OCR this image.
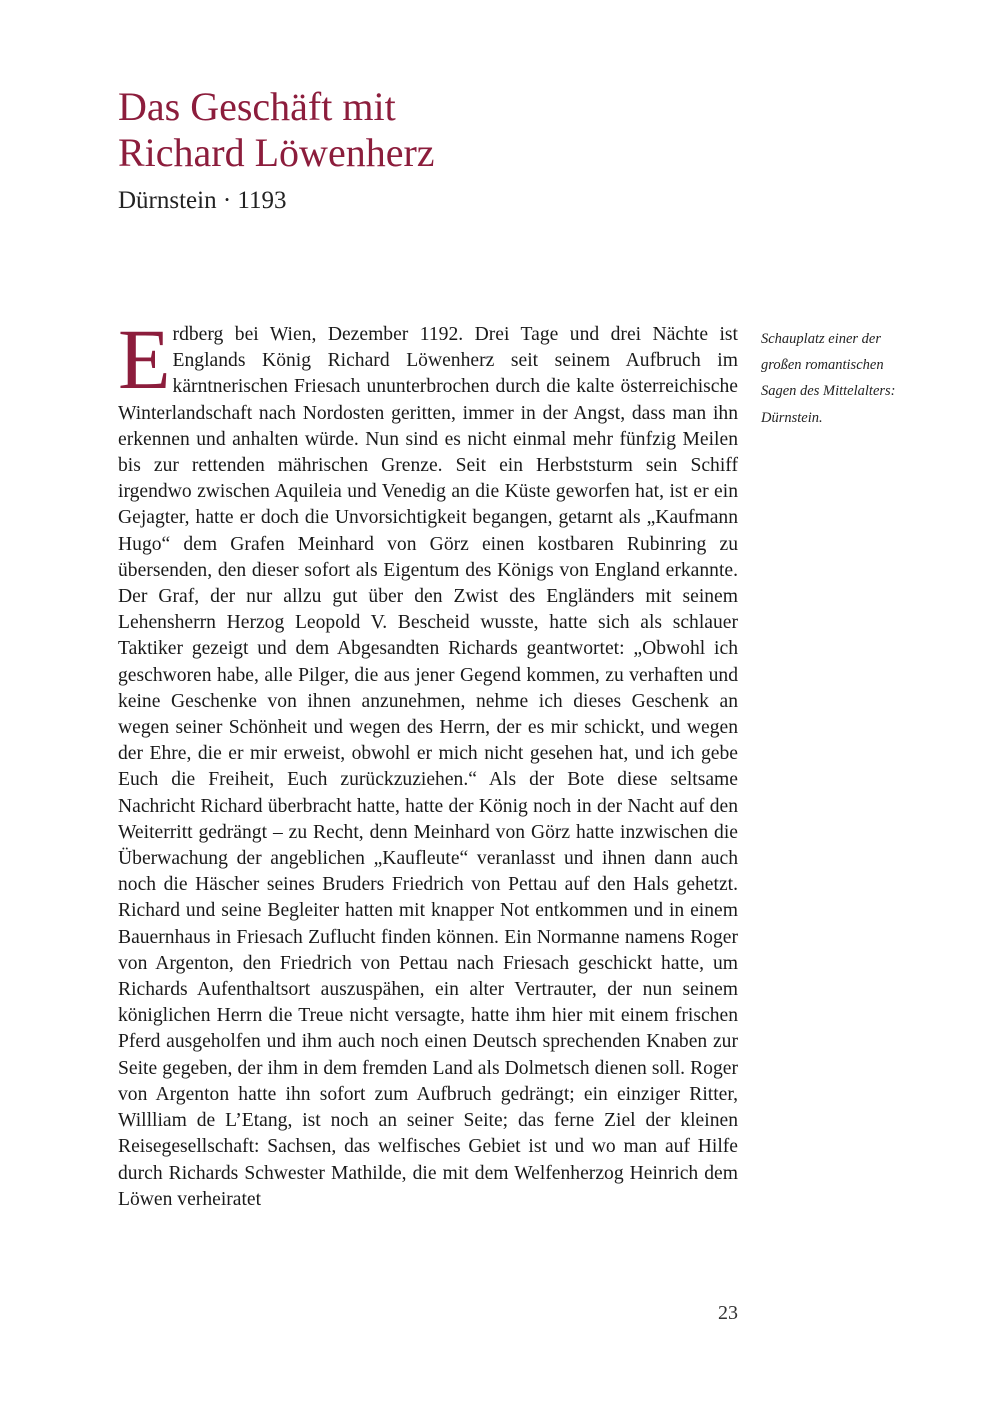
Das Geschäft mit
Richard Löwenherz
Dürnstein · 1193

Erdberg bei Wien, Dezember 1192. Drei Tage und drei Nächte ist Englands König Richard Löwenherz seit seinem Aufbruch im kärntnerischen Friesach ununterbrochen durch die kalte österreichische Winterlandschaft nach Nordosten geritten, immer in der Angst, dass man ihn erkennen und anhalten würde. Nun sind es nicht einmal mehr fünfzig Meilen bis zur rettenden mährischen Grenze. Seit ein Herbststurm sein Schiff irgendwo zwischen Aquileia und Venedig an die Küste geworfen hat, ist er ein Gejagter, hatte er doch die Unvorsichtigkeit begangen, getarnt als „Kaufmann Hugo“ dem Grafen Meinhard von Görz einen kostbaren Rubinring zu übersenden, den dieser sofort als Eigentum des Königs von England erkannte. Der Graf, der nur allzu gut über den Zwist des Engländers mit seinem Lehensherrn Herzog Leopold V. Bescheid wusste, hatte sich als schlauer Taktiker gezeigt und dem Abgesandten Richards geantwortet: „Obwohl ich geschworen habe, alle Pilger, die aus jener Gegend kommen, zu verhaften und keine Geschenke von ihnen anzunehmen, nehme ich dieses Geschenk an wegen seiner Schönheit und wegen des Herrn, der es mir schickt, und wegen der Ehre, die er mir erweist, obwohl er mich nicht gesehen hat, und ich gebe Euch die Freiheit, Euch zurückzuziehen.“ Als der Bote diese seltsame Nachricht Richard überbracht hatte, hatte der König noch in der Nacht auf den Weiterritt gedrängt – zu Recht, denn Meinhard von Görz hatte inzwischen die Überwachung der angeblichen „Kaufleute“ veranlasst und ihnen dann auch noch die Häscher seines Bruders Friedrich von Pettau auf den Hals gehetzt. Richard und seine Begleiter hatten mit knapper Not entkommen und in einem Bauernhaus in Friesach Zuflucht finden können. Ein Normanne namens Roger von Argenton, den Friedrich von Pettau nach Friesach geschickt hatte, um Richards Aufenthaltsort auszuspähen, ein alter Vertrauter, der nun seinem königlichen Herrn die Treue nicht versagte, hatte ihm hier mit einem frischen Pferd ausgeholfen und ihm auch noch einen Deutsch sprechenden Knaben zur Seite gegeben, der ihm in dem fremden Land als Dolmetsch dienen soll. Roger von Argenton hatte ihn sofort zum Aufbruch gedrängt; ein einziger Ritter, Willliam de L’Etang, ist noch an seiner Seite; das ferne Ziel der kleinen Reisegesellschaft: Sachsen, das welfisches Gebiet ist und wo man auf Hilfe durch Richards Schwester Mathilde, die mit dem Welfenherzog Heinrich dem Löwen verheiratet

Schauplatz einer der
großen romantischen
Sagen des Mittelalters:
Dürnstein.
23
